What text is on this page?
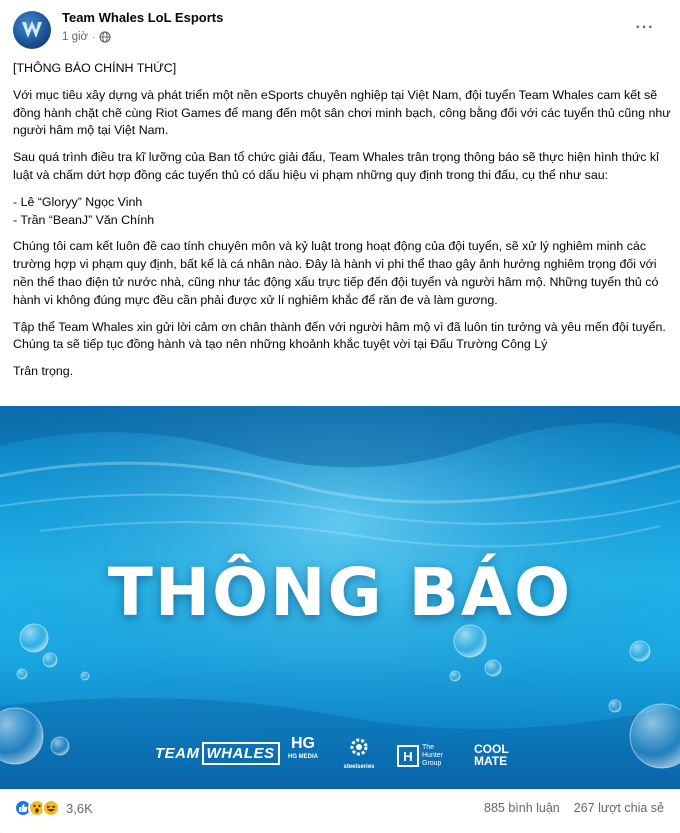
Team Whales LoL Esports
1 giờ ·
···

[THÔNG BÁO CHÍNH THỨC]

Với mục tiêu xây dựng và phát triển một nền eSports chuyên nghiệp tại Việt Nam, đội tuyển Team Whales cam kết sẽ đồng hành chặt chẽ cùng Riot Games để mang đến một sân chơi minh bạch, công bằng đối với các tuyển thủ cũng như người hâm mộ tại Việt Nam.

Sau quá trình điều tra kĩ lưỡng của Ban tổ chức giải đấu, Team Whales trân trọng thông báo sẽ thực hiện hình thức kỉ luật và chấm dứt hợp đồng các tuyển thủ có dấu hiệu vi phạm những quy định trong thi đấu, cụ thể như sau:

- Lê “Gloryy” Ngọc Vinh

- Trần “BeanJ” Văn Chính

Chúng tôi cam kết luôn đề cao tính chuyên môn và kỷ luật trong hoạt động của đội tuyển, sẽ xử lý nghiêm minh các trường hợp vi phạm quy định, bất kể là cá nhân nào. Đây là hành vi phi thể thao gây ảnh hưởng nghiêm trọng đối với nền thể thao điện tử nước nhà, cũng như tác động xấu trực tiếp đến đội tuyển và người hâm mộ. Những tuyển thủ có hành vi không đúng mực đều cần phải được xử lí nghiêm khắc để răn đe và làm gương.

Tập thể Team Whales xin gửi lời cảm ơn chân thành đến với người hâm mộ vì đã luôn tin tưởng và yêu mến đội tuyển. Chúng ta sẽ tiếp tục đồng hành và tạo nên những khoảnh khắc tuyệt vời tại Đấu Trường Công Lý

Trân trọng.

THÔNG BÁO
TEAM WHALES
HG
HG MEDIA
steelseries
H
The
Hunter
Group
COOL
MATE
3,6K	885 bình luận 267 lượt chia sẻ
